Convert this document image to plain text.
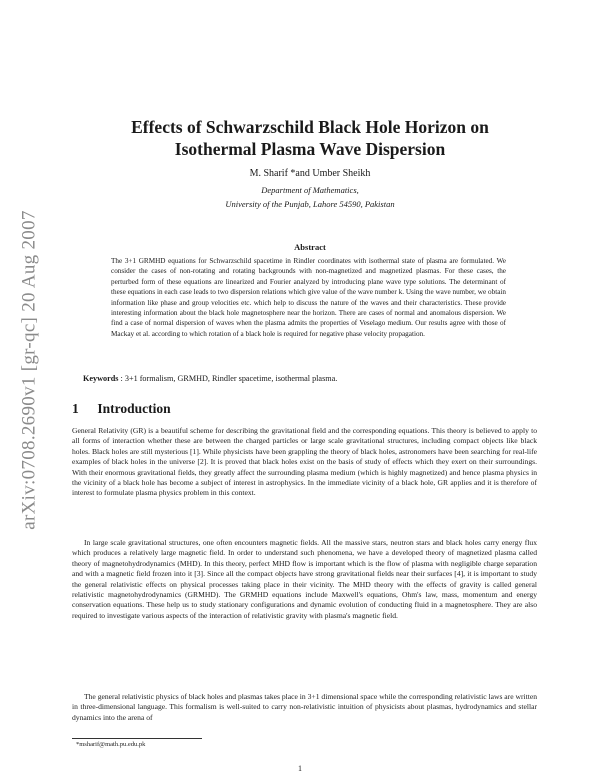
arXiv:0708.2690v1 [gr-qc] 20 Aug 2007
Effects of Schwarzschild Black Hole Horizon on
Isothermal Plasma Wave Dispersion
M. Sharif *and Umber Sheikh
Department of Mathematics,
University of the Punjab, Lahore 54590, Pakistan
Abstract
The 3+1 GRMHD equations for Schwarzschild spacetime in Rindler coordinates with isothermal state of plasma are formulated. We consider the cases of non-rotating and rotating backgrounds with non-magnetized and magnetized plasmas. For these cases, the perturbed form of these equations are linearized and Fourier analyzed by introducing plane wave type solutions. The determinant of these equations in each case leads to two dispersion relations which give value of the wave number k. Using the wave number, we obtain information like phase and group velocities etc. which help to discuss the nature of the waves and their characteristics. These provide interesting information about the black hole magnetosphere near the horizon. There are cases of normal and anomalous dispersion. We find a case of normal dispersion of waves when the plasma admits the properties of Veselago medium. Our results agree with those of Mackay et al. according to which rotation of a black hole is required for negative phase velocity propagation.
Keywords : 3+1 formalism, GRMHD, Rindler spacetime, isothermal plasma.
1 Introduction

General Relativity (GR) is a beautiful scheme for describing the gravitational field and the corresponding equations. This theory is believed to apply to all forms of interaction whether these are between the charged particles or large scale gravitational structures, including compact objects like black holes. Black holes are still mysterious [1]. While physicists have been grappling the theory of black holes, astronomers have been searching for real-life examples of black holes in the universe [2]. It is proved that black holes exist on the basis of study of effects which they exert on their surroundings. With their enormous gravitational fields, they greatly affect the surrounding plasma medium (which is highly magnetized) and hence plasma physics in the vicinity of a black hole has become a subject of interest in astrophysics. In the immediate vicinity of a black hole, GR applies and it is therefore of interest to formulate plasma physics problem in this context.

In large scale gravitational structures, one often encounters magnetic fields. All the massive stars, neutron stars and black holes carry energy flux which produces a relatively large magnetic field. In order to understand such phenomena, we have a developed theory of magnetized plasma called theory of magnetohydrodynamics (MHD). In this theory, perfect MHD flow is important which is the flow of plasma with negligible charge separation and with a magnetic field frozen into it [3]. Since all the compact objects have strong gravitational fields near their surfaces [4], it is important to study the general relativistic effects on physical processes taking place in their vicinity. The MHD theory with the effects of gravity is called general relativistic magnetohydrodynamics (GRMHD). The GRMHD equations include Maxwell's equations, Ohm's law, mass, momentum and energy conservation equations. These help us to study stationary configurations and dynamic evolution of conducting fluid in a magnetosphere. They are also required to investigate various aspects of the interaction of relativistic gravity with plasma's magnetic field.

The general relativistic physics of black holes and plasmas takes place in 3+1 dimensional space while the corresponding relativistic laws are written in three-dimensional language. This formalism is well-suited to carry non-relativistic intuition of physicists about plasmas, hydrodynamics and stellar dynamics into the arena of

*msharif@math.pu.edu.pk
1
